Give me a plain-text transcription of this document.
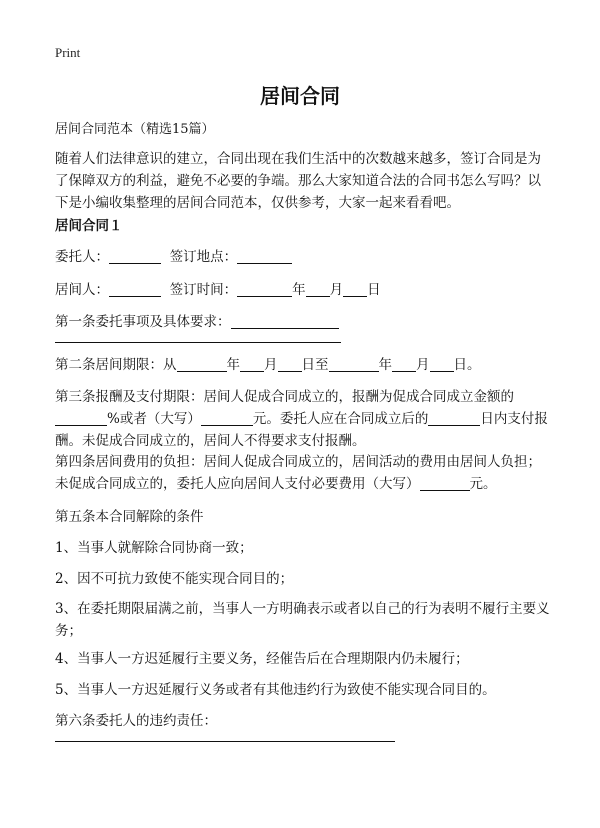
Print
居间合同
居间合同范本（精选15篇）
随着人们法律意识的建立，合同出现在我们生活中的次数越来越多，签订合同是为了保障双方的利益，避免不必要的争端。那么大家知道合法的合同书怎么写吗？以下是小编收集整理的居间合同范本，仅供参考，大家一起来看看吧。
居间合同１
委托人：	签订地点：
居间人：	签订时间：	年 月 日
第一条委托事项及具体要求：
第二条居间期限：从	年 月 日至	年 月 日。
第三条报酬及支付期限：居间人促成合同成立的，报酬为促成合同成立金额的%或者（大写）	元。委托人应在合同成立后的	日内支付报酬。未促成合同成立的，居间人不得要求支付报酬。
第四条居间费用的负担：居间人促成合同成立的，居间活动的费用由居间人负担；未促成合同成立的，委托人应向居间人支付必要费用（大写）	元。
第五条本合同解除的条件
1、当事人就解除合同协商一致；
2、因不可抗力致使不能实现合同目的；
3、在委托期限届满之前，当事人一方明确表示或者以自己的行为表明不履行主要义务；
4、当事人一方迟延履行主要义务，经催告后在合理期限内仍未履行；
5、当事人一方迟延履行义务或者有其他违约行为致使不能实现合同目的。
第六条委托人的违约责任：
